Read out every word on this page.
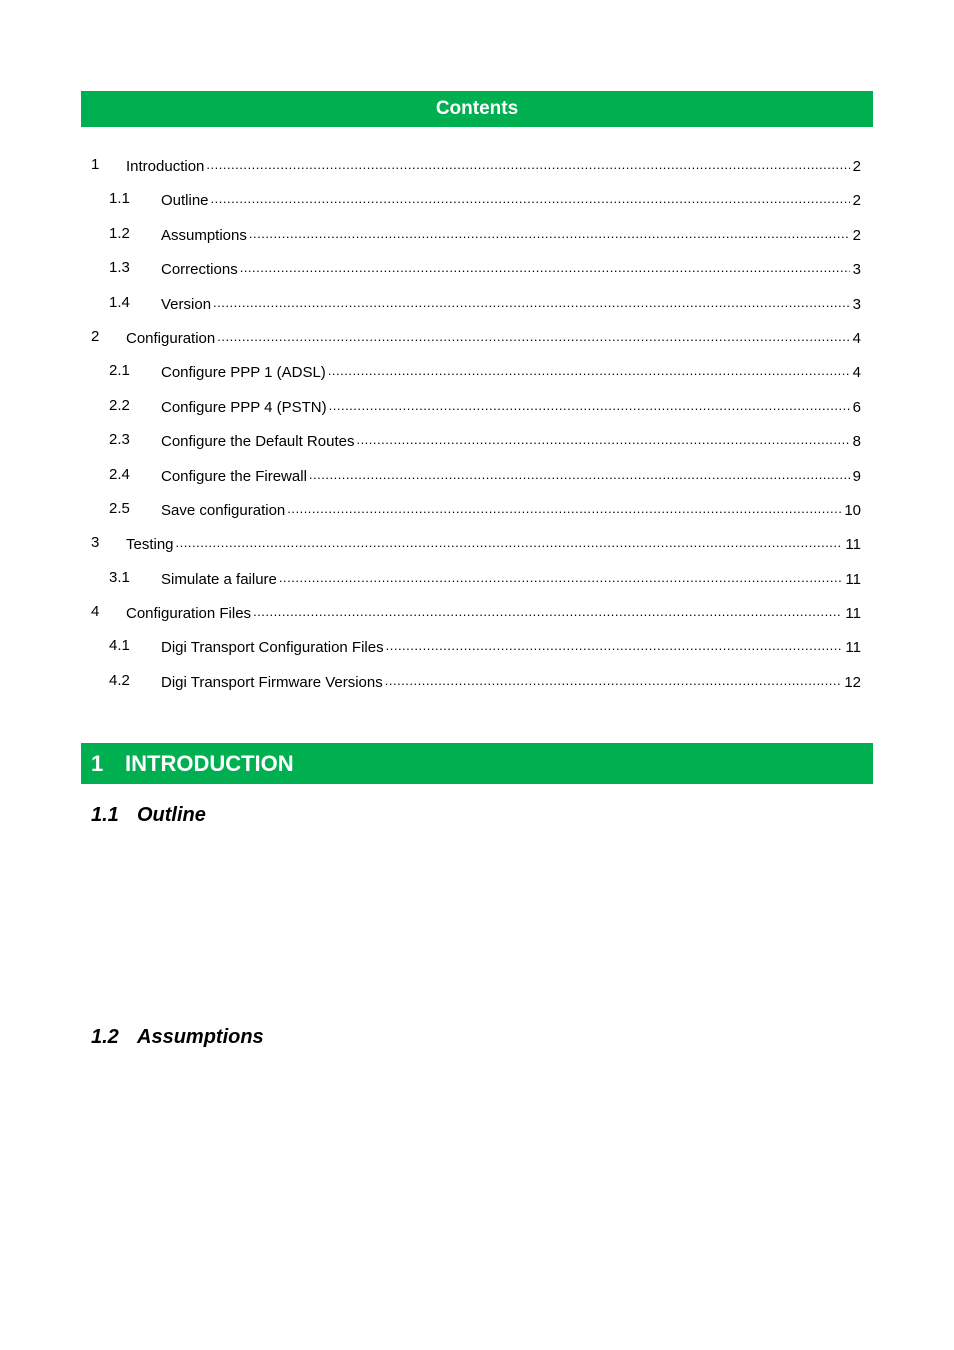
Contents
1 Introduction .....	2
1.1 Outline .....	2
1.2 Assumptions .....	2
1.3 Corrections .....	3
1.4 Version .....	3
2 Configuration .....	4
2.1 Configure PPP 1 (ADSL) .....	4
2.2 Configure PPP 4 (PSTN) .....	6
2.3 Configure the Default Routes .....	8
2.4 Configure the Firewall .....	9
2.5 Save configuration .....	10
3 Testing .....	11
3.1 Simulate a failure .....	11
4 Configuration Files .....	11
4.1 Digi Transport Configuration Files .....	11
4.2 Digi Transport Firmware Versions .....	12
1 INTRODUCTION
1.1 Outline
1.2 Assumptions
